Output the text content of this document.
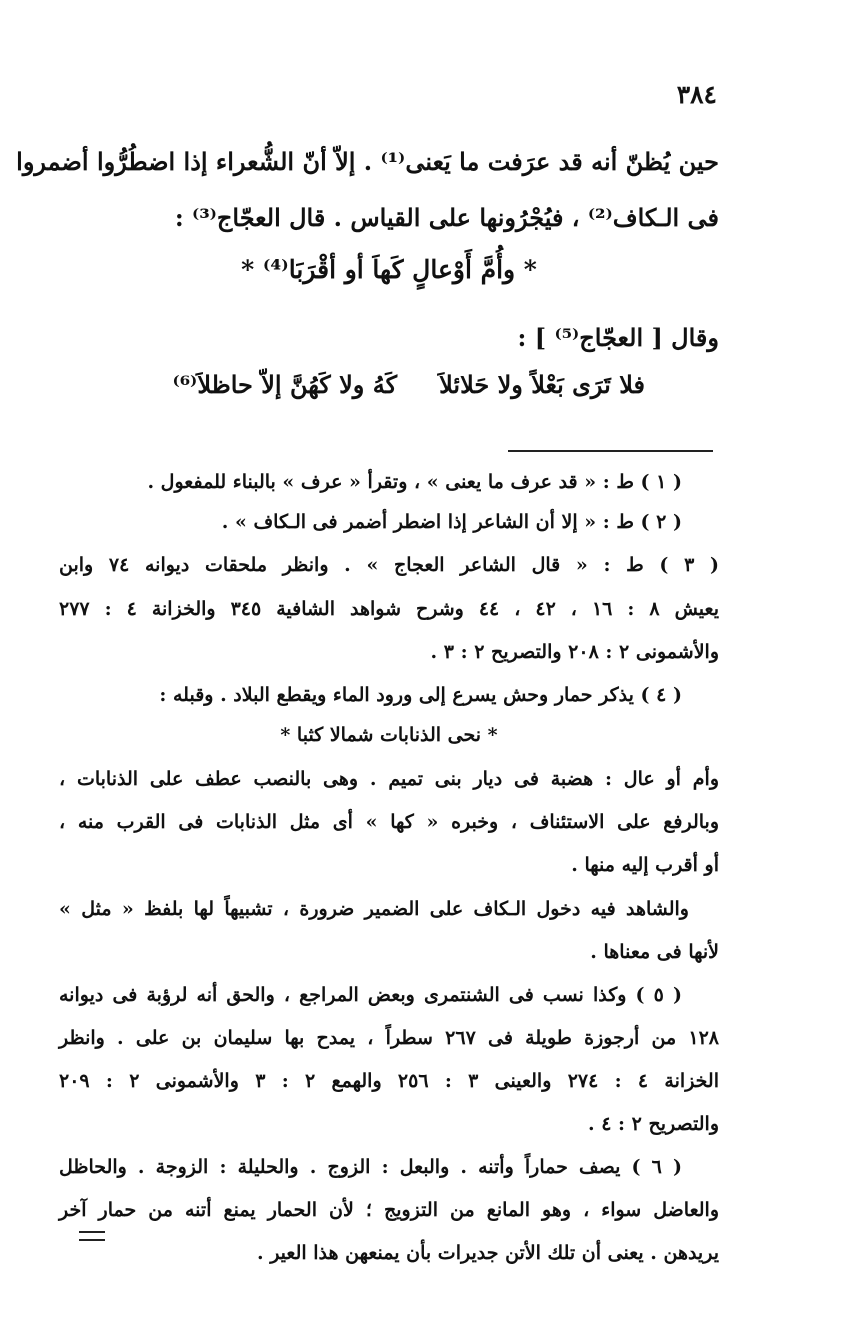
٣٨٤
حين يُظنّ أنه قد عرَفت ما يَعنى⁽¹⁾ . إلاّ أنّ الشُّعراء إذا اضطُرُّوا أضمروا
فى الـكاف⁽²⁾ ، فيُجْرُونها على القياس . قال العجّاج⁽³⁾ :
* وأُمَّ أَوْعالٍ كَهاَ أو أقْرَبَا⁽⁴⁾ *
وقال [ العجّاج⁽⁵⁾ ] :
فلا تَرَى بَعْلاً ولا حَلائلاَ
كَهُ ولا كَهُنَّ إلاّ حاظلاَ⁽⁶⁾
( ١ ) ط : « قد عرف ما يعنى » ، وتقرأ « عرف » بالبناء للمفعول .
( ٢ ) ط : « إلا أن الشاعر إذا اضطر أضمر فى الـكاف » .
( ٣ ) ط : « قال الشاعر العجاج » . وانظر ملحقات ديوانه ٧٤ وابن
يعيش ٨ : ١٦ ، ٤٢ ، ٤٤ وشرح شواهد الشافية ٣٤٥ والخزانة ٤ : ٢٧٧
والأشمونى ٢ : ٢٠٨ والتصريح ٢ : ٣ .
( ٤ ) يذكر حمار وحش يسرع إلى ورود الماء ويقطع البلاد . وقبله :
* نحى الذنابات شمالا كثبا *
وأم أو عال : هضبة فى ديار بنى تميم . وهى بالنصب عطف على الذنابات ،
وبالرفع على الاستئناف ، وخبره « كها » أى مثل الذنابات فى القرب منه ،
أو أقرب إليه منها .
والشاهد فيه دخول الـكاف على الضمير ضرورة ، تشبيهاً لها بلفظ « مثل »
لأنها فى معناها .
( ٥ ) وكذا نسب فى الشنتمرى وبعض المراجع ، والحق أنه لرؤبة فى ديوانه
١٢٨ من أرجوزة طويلة فى ٢٦٧ سطراً ، يمدح بها سليمان بن على . وانظر
الخزانة ٤ : ٢٧٤ والعينى ٣ : ٢٥٦ والهمع ٢ : ٣ والأشمونى ٢ : ٢٠٩
والتصريح ٢ : ٤ .
( ٦ ) يصف حماراً وأتنه . والبعل : الزوج . والحليلة : الزوجة . والحاظل
والعاضل سواء ، وهو المانع من التزويج ؛ لأن الحمار يمنع أتنه من حمار آخر
يريدهن . يعنى أن تلك الأتن جديرات بأن يمنعهن هذا العير .
